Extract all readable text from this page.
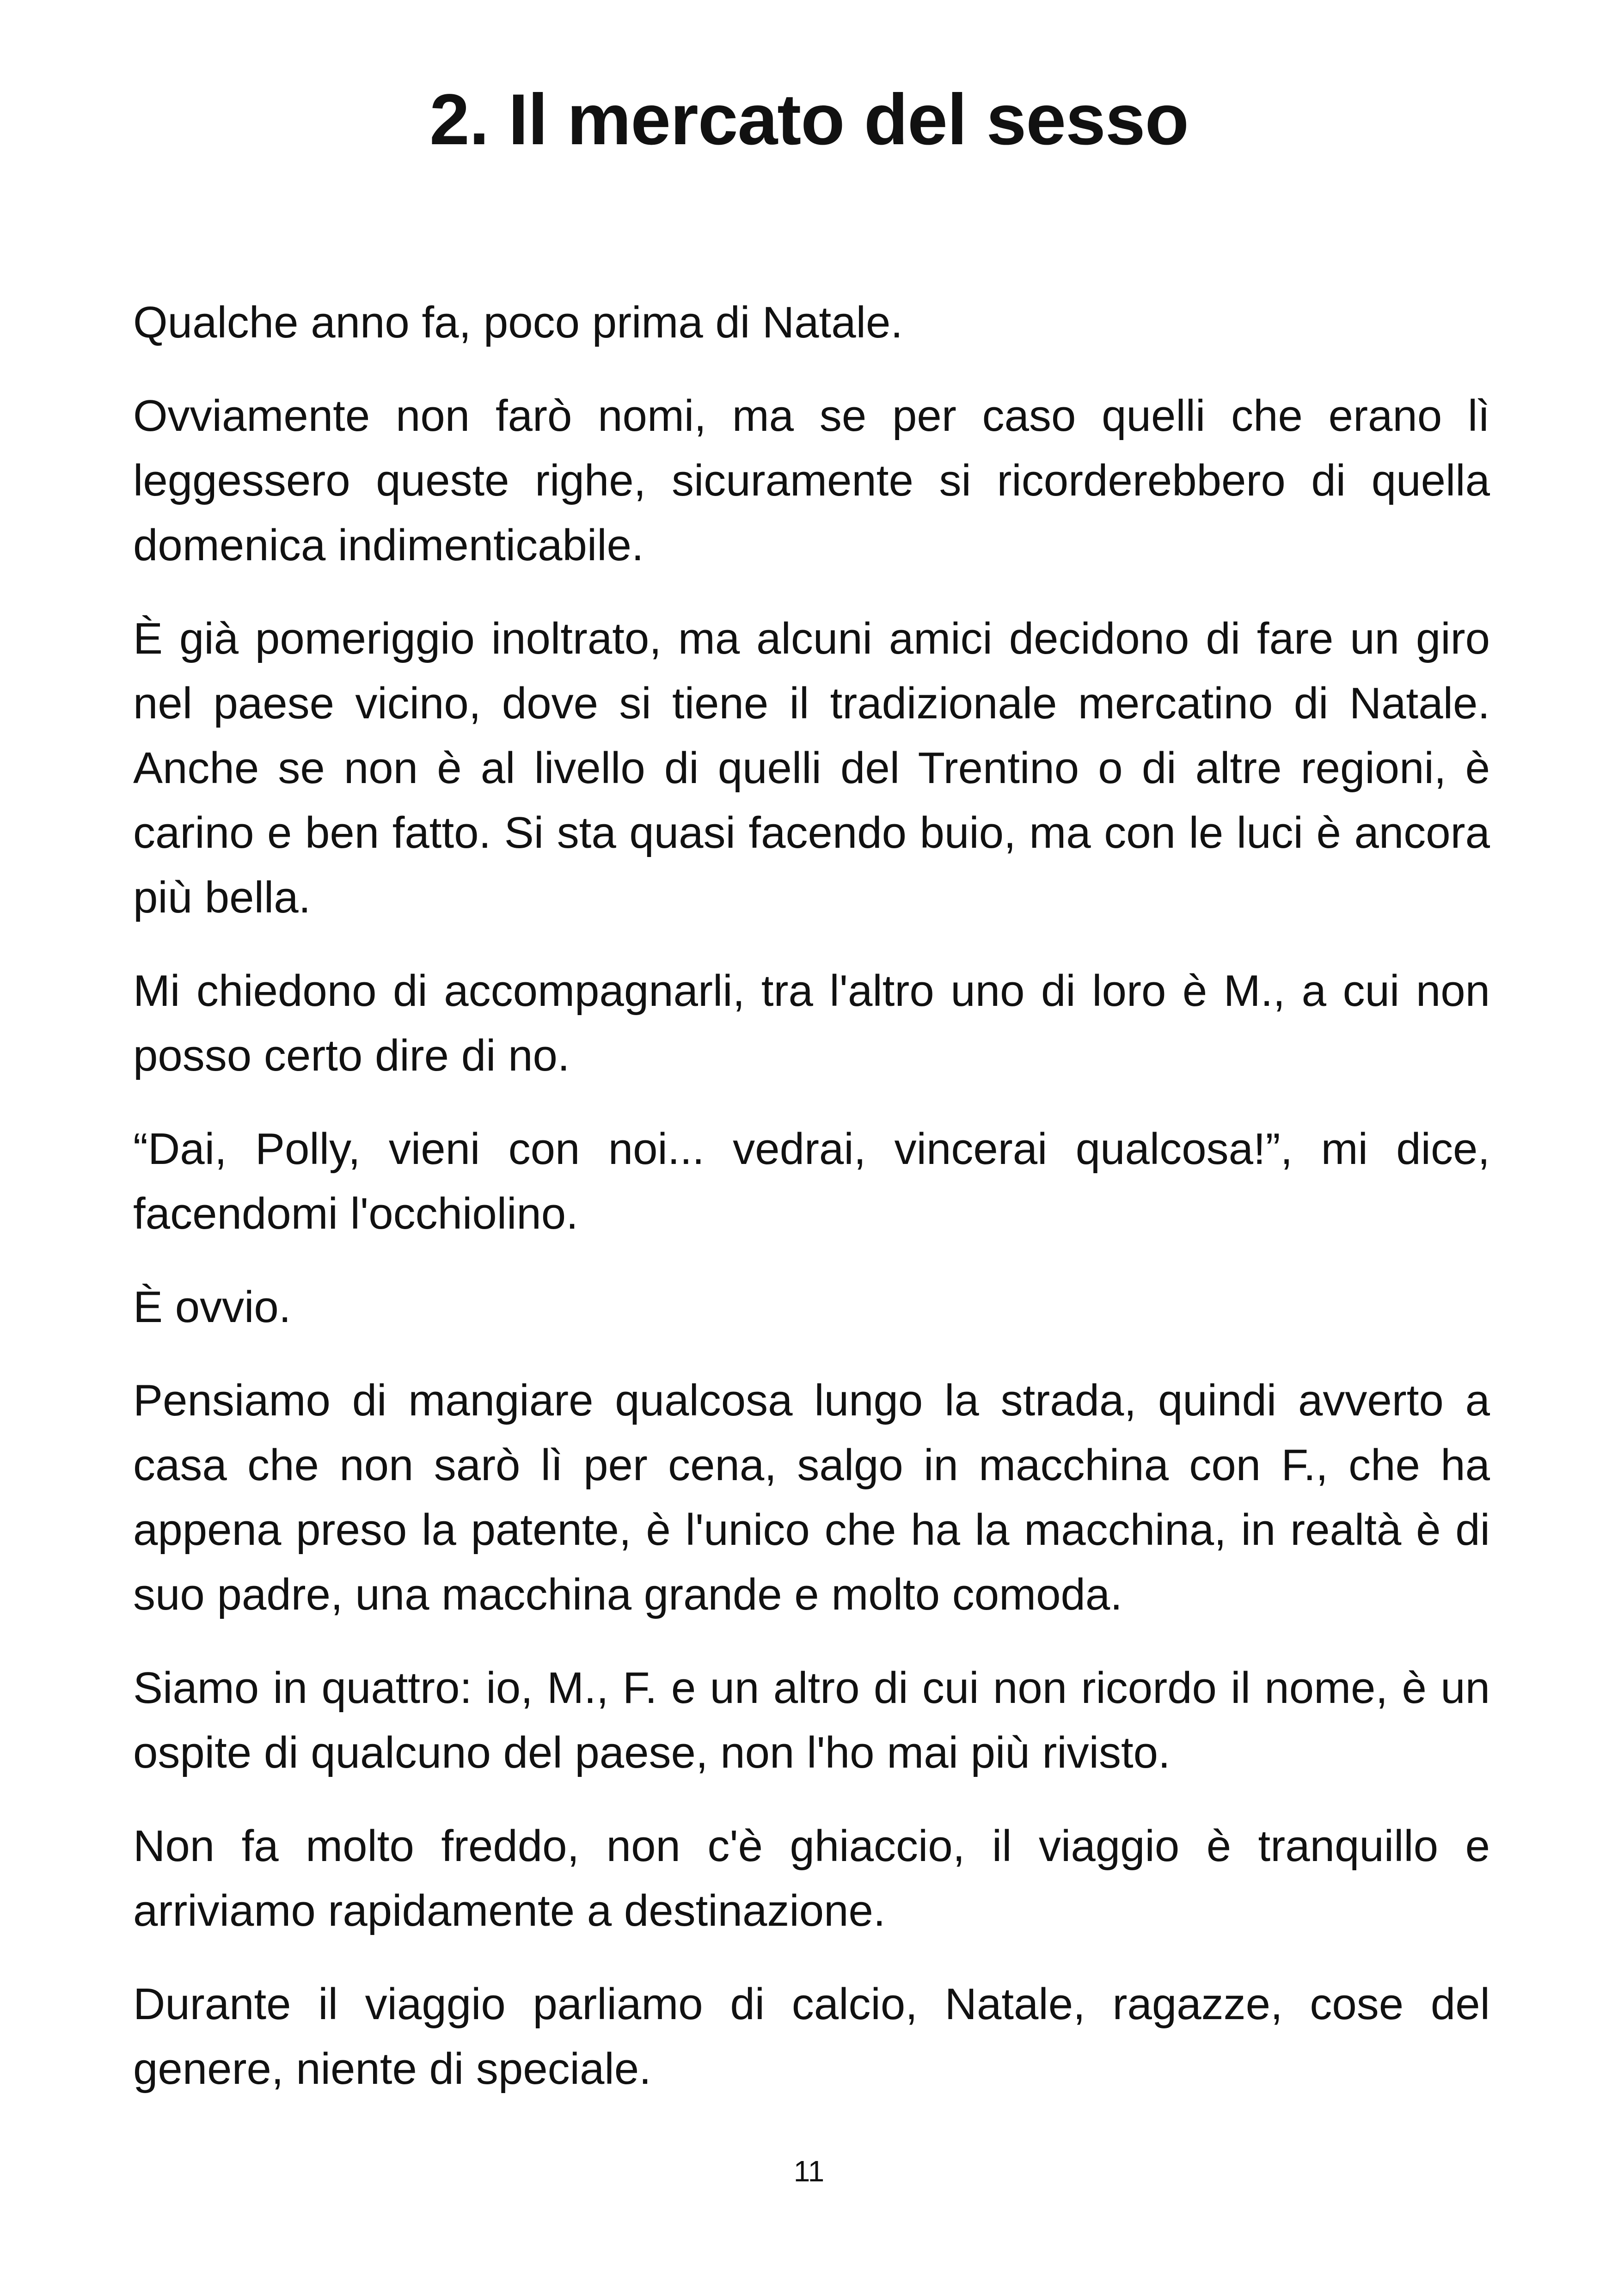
2. Il mercato del sesso

Qualche anno fa, poco prima di Natale.

Ovviamente non farò nomi, ma se per caso quelli che erano lì leggessero queste righe, sicuramente si ricorderebbero di quella domenica indimenticabile.

È già pomeriggio inoltrato, ma alcuni amici decidono di fare un giro nel paese vicino, dove si tiene il tradizionale mercatino di Natale. Anche se non è al livello di quelli del Trentino o di altre regioni, è carino e ben fatto. Si sta quasi facendo buio, ma con le luci è ancora più bella.

Mi chiedono di accompagnarli, tra l'altro uno di loro è M., a cui non posso certo dire di no.

“Dai, Polly, vieni con noi... vedrai, vincerai qualcosa!”, mi dice, facendomi l'occhiolino.

È ovvio.

Pensiamo di mangiare qualcosa lungo la strada, quindi avverto a casa che non sarò lì per cena, salgo in macchina con F., che ha appena preso la patente, è l'unico che ha la macchina, in realtà è di suo padre, una macchina grande e molto comoda.

Siamo in quattro: io, M., F. e un altro di cui non ricordo il nome, è un ospite di qualcuno del paese, non l'ho mai più rivisto.

Non fa molto freddo, non c'è ghiaccio, il viaggio è tranquillo e arriviamo rapidamente a destinazione.

Durante il viaggio parliamo di calcio, Natale, ragazze, cose del genere, niente di speciale.

11
